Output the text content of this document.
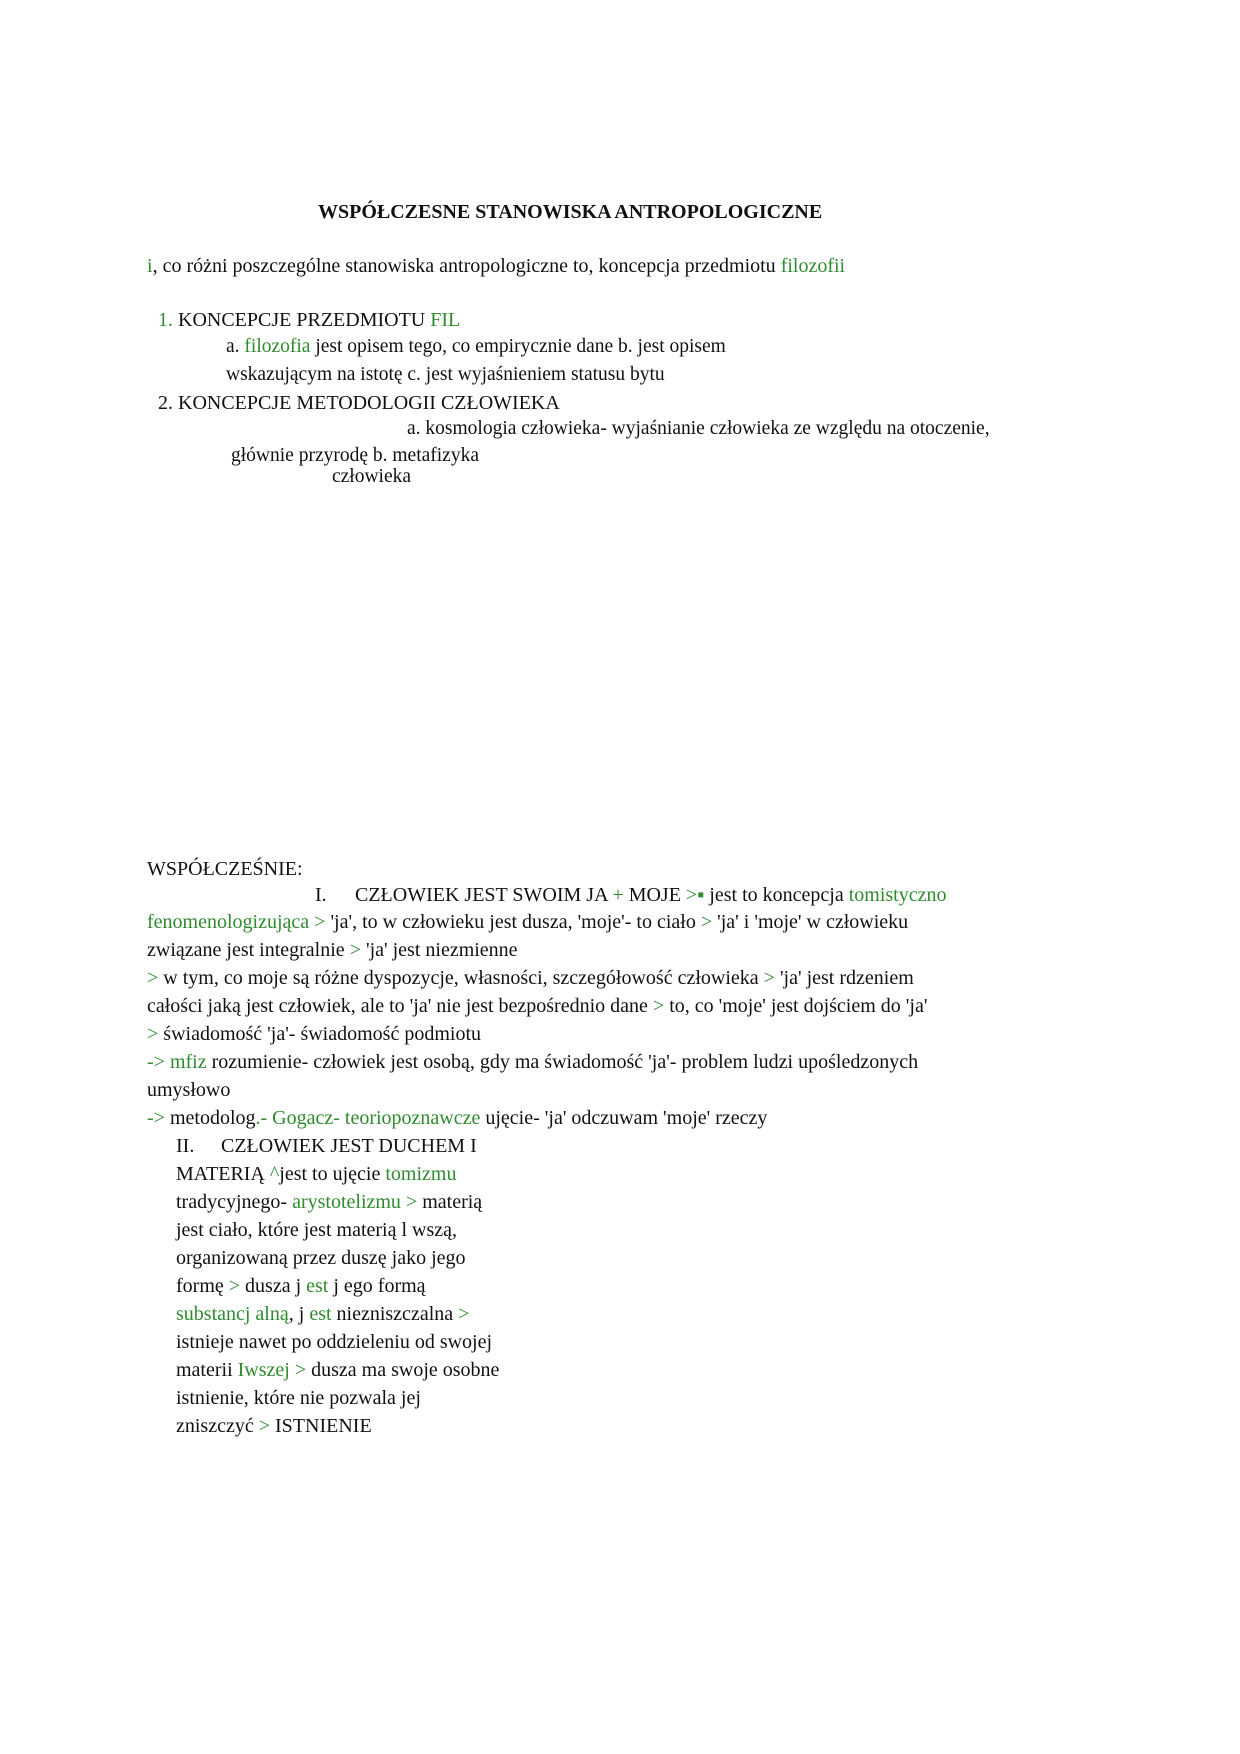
WSPÓŁCZESNE STANOWISKA ANTROPOLOGICZNE
i, co różni poszczególne stanowiska antropologiczne to, koncepcja przedmiotu filozofii
1. KONCEPCJE PRZEDMIOTU FIL
a. filozofia jest opisem tego, co empirycznie dane b. jest opisem
wskazującym na istotę c. jest wyjaśnieniem statusu bytu
2. KONCEPCJE METODOLOGII CZŁOWIEKA
a. kosmologia człowieka- wyjaśnianie człowieka ze względu na otoczenie,
głównie przyrodę b. metafizyka
człowieka
WSPÓŁCZEŚNIE:
I. CZŁOWIEK JEST SWOIM JA + MOJE >▪ jest to koncepcja tomistyczno
fenomenologizująca > 'ja', to w człowieku jest dusza, 'moje'- to ciało > 'ja' i 'moje' w człowieku
związane jest integralnie > 'ja' jest niezmienne
> w tym, co moje są różne dyspozycje, własności, szczegółowość człowieka > 'ja' jest rdzeniem
całości jaką jest człowiek, ale to 'ja' nie jest bezpośrednio dane > to, co 'moje' jest dojściem do 'ja'
> świadomość 'ja'- świadomość podmiotu
-> mfiz rozumienie- człowiek jest osobą, gdy ma świadomość 'ja'- problem ludzi upośledzonych
umysłowo
-> metodolog.- Gogacz- teoriopoznawcze ujęcie- 'ja' odczuwam 'moje' rzeczy
II. CZŁOWIEK JEST DUCHEM I
MATERIĄ ^jest to ujęcie tomizmu
tradycyjnego- arystotelizmu > materią
jest ciało, które jest materią l wszą,
organizowaną przez duszę jako jego
formę > dusza j est j ego formą
substancj alną, j est niezniszczalna >
istnieje nawet po oddzieleniu od swojej
materii Iwszej > dusza ma swoje osobne
istnienie, które nie pozwala jej
zniszczyć > ISTNIENIE
